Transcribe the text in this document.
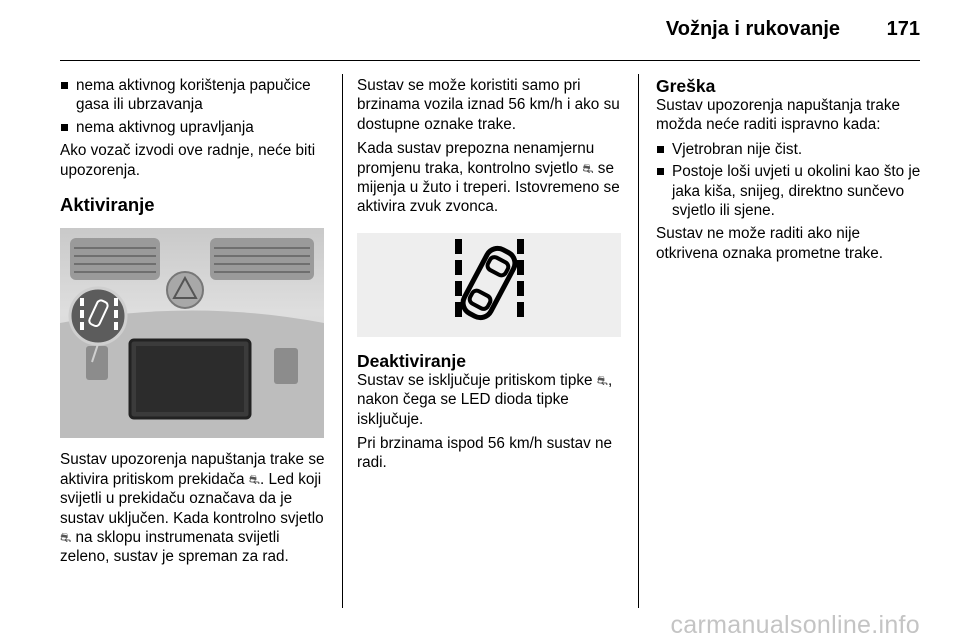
Vožnja i rukovanje 171
nema aktivnog korištenja papučice gasa ili ubrzavanja
nema aktivnog upravljanja

Ako vozač izvodi ove radnje, neće biti upozorenja.

Aktiviranje

Sustav upozorenja napuštanja trake se aktivira pritiskom prekidača ⛐. Led koji svijetli u prekidaču označava da je sustav uključen. Kada kontrolno svjetlo ⛐ na sklopu instrumenata svijetli zeleno, sustav je spreman za rad.

Sustav se može koristiti samo pri brzinama vozila iznad 56 km/h i ako su dostupne oznake trake.

Kada sustav prepozna nenamjernu promjenu traka, kontrolno svjetlo ⛐ se mijenja u žuto i treperi. Istovremeno se aktivira zvuk zvonca.

Deaktiviranje

Sustav se isključuje pritiskom tipke ⛐, nakon čega se LED dioda tipke isključuje.

Pri brzinama ispod 56 km/h sustav ne radi.

Greška

Sustav upozorenja napuštanja trake možda neće raditi ispravno kada:

Vjetrobran nije čist.
Postoje loši uvjeti u okolini kao što je jaka kiša, snijeg, direktno sunčevo svjetlo ili sjene.

Sustav ne može raditi ako nije otkrivena oznaka prometne trake.

carmanualsonline.info
